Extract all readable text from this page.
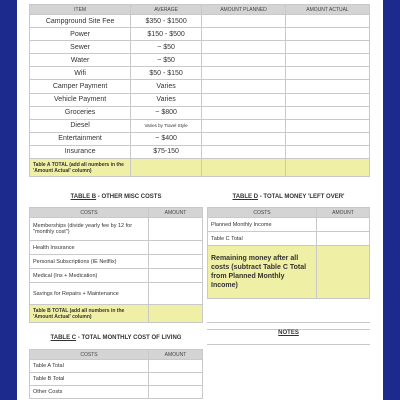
ITEM	AVERAGE	AMOUNT PLANNED	AMOUNT ACTUAL
Campground Site Fee	$350 - $1500		
Power	$150 - $500		
Sewer	~ $50		
Water	~ $50		
Wifi	$50 - $150		
Camper Payment	Varies		
Vehicle Payment	Varies		
Groceries	~ $800		
Diesel	Varies by Travel Style		
Entertainment	~ $400		
Insurance	$75-150		
Table A TOTAL (add all numbers in the 'Amount Actual' column)			
TABLE B - OTHER MISC COSTS	TABLE D - TOTAL MONEY 'LEFT OVER'
COSTS	AMOUNT
Memberships (divide yearly fee by 12 for "monthly cost")	
Health Insurance	
Personal Subscriptions (IE Netflix)	
Medical (Ins + Medication)	
Savings for Repairs + Maintenance	
Table B TOTAL (add all numbers in the 'Amount Actual' column)	
TABLE C - TOTAL MONTHLY COST OF LIVING
COSTS	AMOUNT
Table A Total	
Table B Total	
Other Costs	
COSTS	AMOUNT
Planned Monthly Income	
Table C Total	
Remaining money after all costs (subtract Table C Total from Planned Monthly Income)	
NOTES
